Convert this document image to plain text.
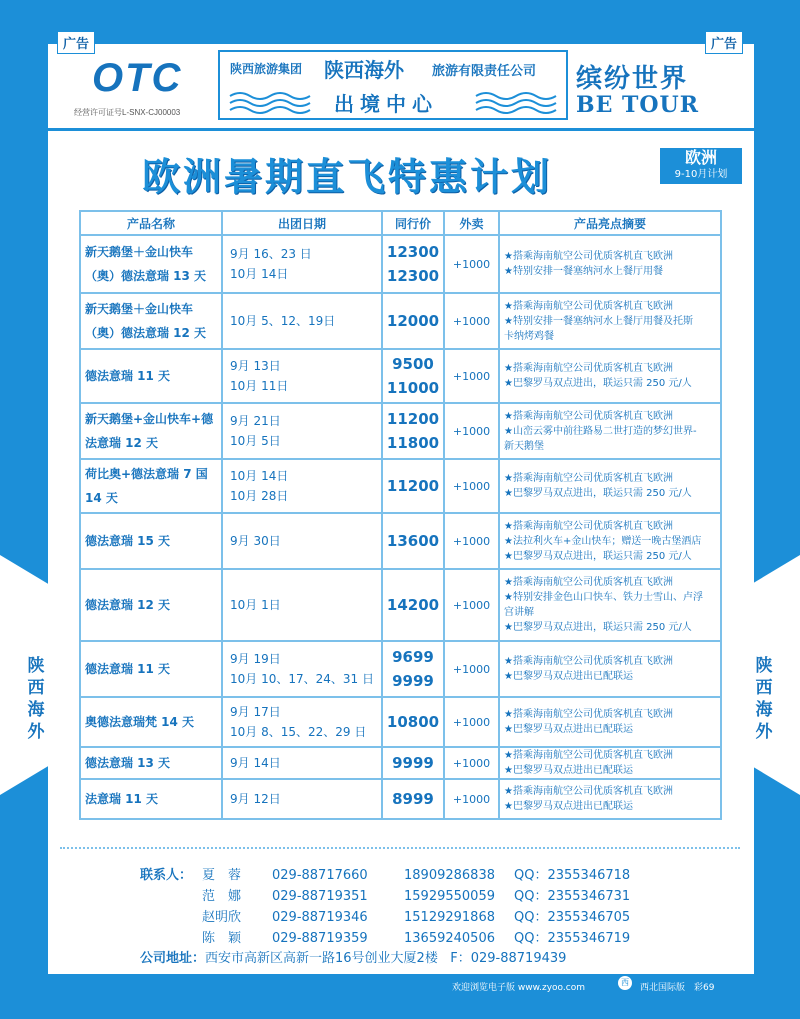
广告	广告
陕
西
海
外
陕
西
海
外
OTC
经营许可证号L-SNX-CJ00003
陕西旅游集团 陕西海外 旅游有限责任公司
出境中心
缤纷世界
BE TOUR
欧洲暑期直飞特惠计划	欧洲
9-10月计划
产品名称	出团日期	同行价	外卖	产品亮点摘要
新天鹅堡＋金山快车（奥）德法意瑞 13 天	9月 16、23 日
10月 14日	12300
12300	+1000	★搭乘海南航空公司优质客机直飞欧洲
★特别安排一餐塞纳河水上餐厅用餐

新天鹅堡＋金山快车（奥）德法意瑞 12 天	10月 5、12、19日	12000	+1000	★搭乘海南航空公司优质客机直飞欧洲
★特别安排一餐塞纳河水上餐厅用餐及托斯
卡纳烤鸡餐

德法意瑞 11 天	9月 13日
10月 11日	9500
11000	+1000	★搭乘海南航空公司优质客机直飞欧洲
★巴黎罗马双点进出，联运只需 250 元/人

新天鹅堡+金山快车+德法意瑞 12 天	9月 21日
10月 5日	11200
11800	+1000	★搭乘海南航空公司优质客机直飞欧洲
★山峦云雾中前往路易二世打造的梦幻世界-
新天鹅堡

荷比奥+德法意瑞 7 国 14 天	10月 14日
10月 28日	11200	+1000	★搭乘海南航空公司优质客机直飞欧洲
★巴黎罗马双点进出，联运只需 250 元/人

德法意瑞 15 天	9月 30日	13600	+1000	★搭乘海南航空公司优质客机直飞欧洲
★法拉利火车+金山快车；赠送一晚古堡酒店
★巴黎罗马双点进出，联运只需 250 元/人

德法意瑞 12 天	10月 1日	14200	+1000	★搭乘海南航空公司优质客机直飞欧洲
★特别安排金色山口快车、铁力士雪山、卢浮
宫讲解
★巴黎罗马双点进出，联运只需 250 元/人

德法意瑞 11 天	9月 19日
10月 10、17、24、31 日	9699
9999	+1000	★搭乘海南航空公司优质客机直飞欧洲
★巴黎罗马双点进出已配联运

奥德法意瑞梵 14 天	9月 17日
10月 8、15、22、29 日	10800	+1000	★搭乘海南航空公司优质客机直飞欧洲
★巴黎罗马双点进出已配联运

德法意瑞 13 天	9月 14日	9999	+1000	★搭乘海南航空公司优质客机直飞欧洲
★巴黎罗马双点进出已配联运

法意瑞 11 天	9月 12日	8999	+1000	★搭乘海南航空公司优质客机直飞欧洲
★巴黎罗马双点进出已配联运
联系人： 夏　蓉 029-88717660	18909286838 QQ：2355346718
范　娜 029-88719351	15929550059 QQ：2355346731
赵明欣 029-88719346	15129291868 QQ：2355346705
陈　颖 029-88719359	13659240506 QQ：2355346719
公司地址：西安市高新区高新一路16号创业大厦2楼 F：029-88719439
欢迎浏览电子版 www.zyoo.com
西
西北国际版　彩69
